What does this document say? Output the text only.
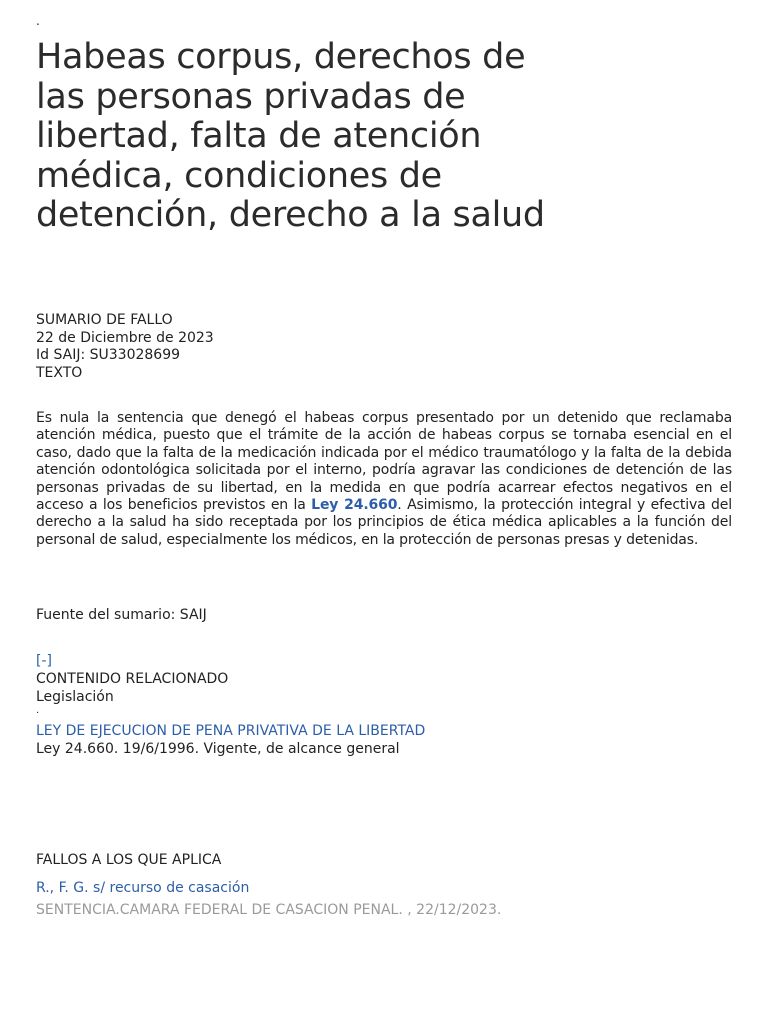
.
Habeas corpus, derechos de las personas privadas de libertad, falta de atención médica, condiciones de detención, derecho a la salud
SUMARIO DE FALLO
22 de Diciembre de 2023
Id SAIJ: SU33028699
TEXTO

Es nula la sentencia que denegó el habeas corpus presentado por un detenido que reclamaba atención médica, puesto que el trámite de la acción de habeas corpus se tornaba esencial en el caso, dado que la falta de la medicación indicada por el médico traumatólogo y la falta de la debida atención odontológica solicitada por el interno, podría agravar las condiciones de detención de las personas privadas de su libertad, en la medida en que podría acarrear efectos negativos en el acceso a los beneficios previstos en la Ley 24.660. Asimismo, la protección integral y efectiva del derecho a la salud ha sido receptada por los principios de ética médica aplicables a la función del personal de salud, especialmente los médicos, en la protección de personas presas y detenidas.

Fuente del sumario: SAIJ
[-]
CONTENIDO RELACIONADO
Legislación
.
LEY DE EJECUCION DE PENA PRIVATIVA DE LA LIBERTAD
Ley 24.660. 19/6/1996. Vigente, de alcance general
FALLOS A LOS QUE APLICA
R., F. G. s/ recurso de casación
SENTENCIA.CAMARA FEDERAL DE CASACION PENAL. , 22/12/2023.
